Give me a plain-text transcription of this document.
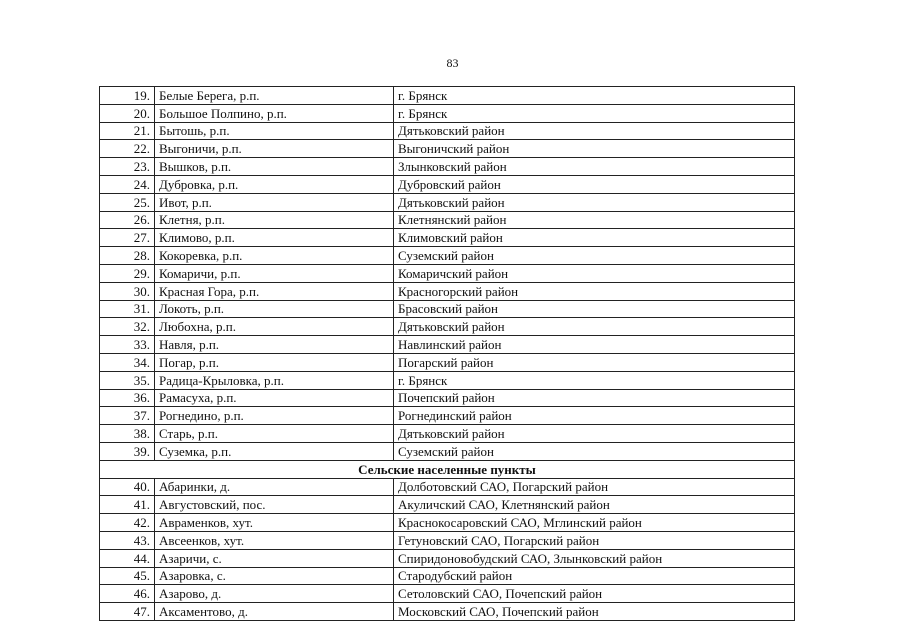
83
19.	Белые Берега, р.п.	г. Брянск
20.	Большое Полпино, р.п.	г. Брянск
21.	Бытошь, р.п.	Дятьковский район
22.	Выгоничи, р.п.	Выгоничский район
23.	Вышков, р.п.	Злынковский район
24.	Дубровка, р.п.	Дубровский район
25.	Ивот, р.п.	Дятьковский район
26.	Клетня, р.п.	Клетнянский район
27.	Климово, р.п.	Климовский район
28.	Кокоревка, р.п.	Суземский район
29.	Комаричи, р.п.	Комаричский район
30.	Красная Гора, р.п.	Красногорский район
31.	Локоть, р.п.	Брасовский район
32.	Любохна, р.п.	Дятьковский район
33.	Навля, р.п.	Навлинский район
34.	Погар, р.п.	Погарский район
35.	Радица-Крыловка, р.п.	г. Брянск
36.	Рамасуха, р.п.	Почепский район
37.	Рогнедино, р.п.	Рогнединский район
38.	Старь, р.п.	Дятьковский район
39.	Суземка, р.п.	Суземский район
Сельские населенные пункты		
40.	Абаринки, д.	Долботовский САО, Погарский район
41.	Августовский, пос.	Акуличский САО, Клетнянский район
42.	Авраменков, хут.	Краснокосаровский САО, Мглинский район
43.	Авсеенков, хут.	Гетуновский САО, Погарский район
44.	Азаричи, с.	Спиридоновобудский САО, Злынковский район
45.	Азаровка, с.	Стародубский район
46.	Азарово, д.	Сетоловский САО, Почепский район
47.	Аксаментово, д.	Московский САО, Почепский район
